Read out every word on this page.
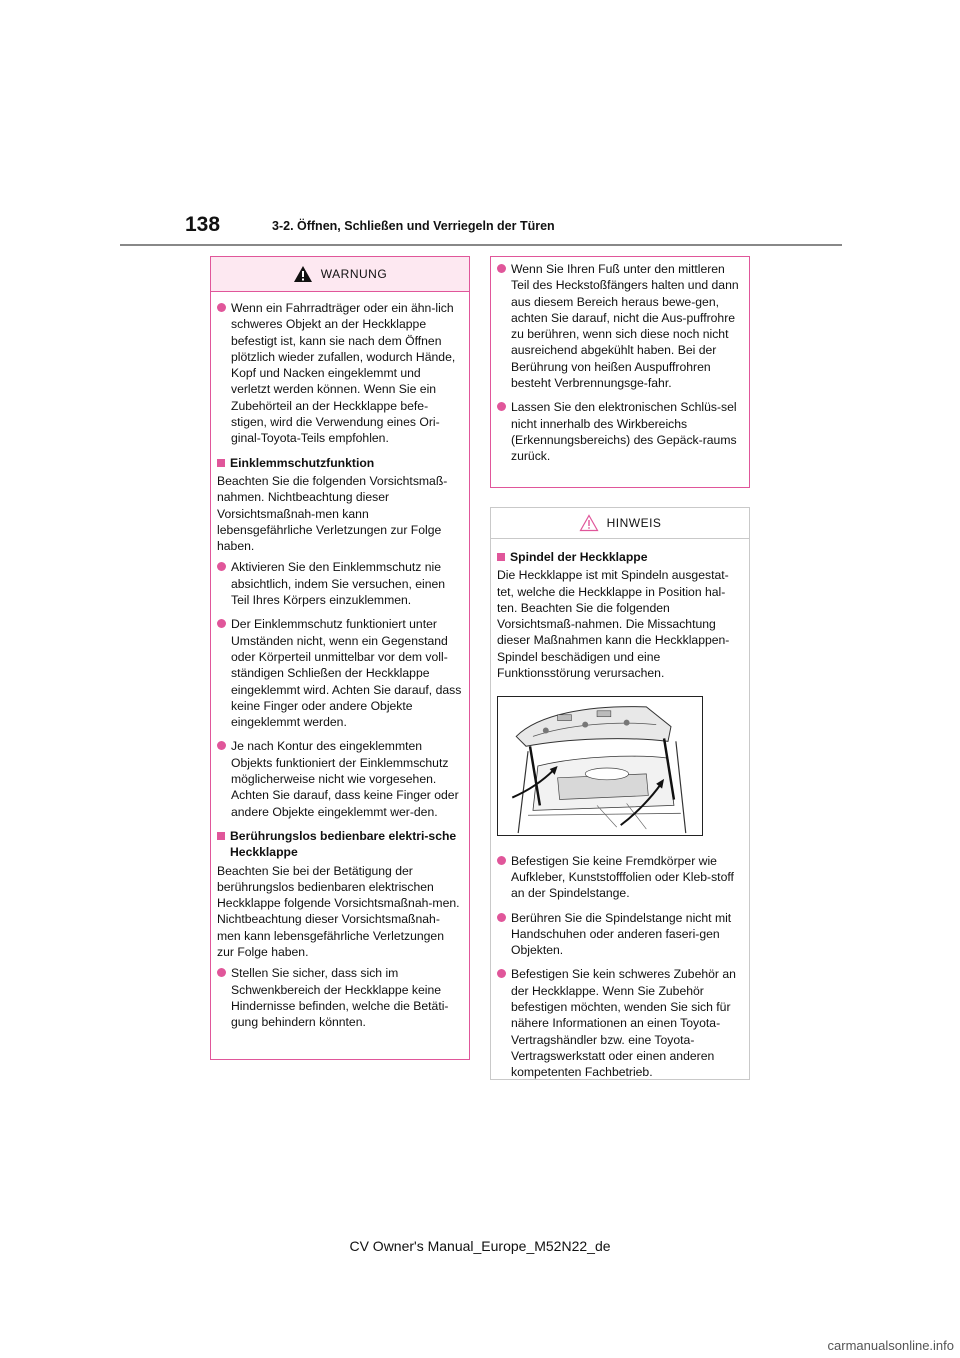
138	3-2. Öffnen, Schließen und Verriegeln der Türen
WARNUNG
Wenn ein Fahrradträger oder ein ähn-lich schweres Objekt an der Heckklappe befestigt ist, kann sie nach dem Öffnen plötzlich wieder zufallen, wodurch Hände, Kopf und Nacken eingeklemmt und verletzt werden können. Wenn Sie ein Zubehörteil an der Heckklappe befe-stigen, wird die Verwendung eines Ori-ginal-Toyota-Teils empfohlen.
Einklemmschutzfunktion
Beachten Sie die folgenden Vorsichtsmaß-nahmen. Nichtbeachtung dieser Vorsichtsmaßnah-men kann lebensgefährliche Verletzungen zur Folge haben.
Aktivieren Sie den Einklemmschutz nie absichtlich, indem Sie versuchen, einen Teil Ihres Körpers einzuklemmen.
Der Einklemmschutz funktioniert unter Umständen nicht, wenn ein Gegenstand oder Körperteil unmittelbar vor dem voll-ständigen Schließen der Heckklappe eingeklemmt wird. Achten Sie darauf, dass keine Finger oder andere Objekte eingeklemmt werden.
Je nach Kontur des eingeklemmten Objekts funktioniert der Einklemmschutz möglicherweise nicht wie vorgesehen. Achten Sie darauf, dass keine Finger oder andere Objekte eingeklemmt wer-den.
Berührungslos bedienbare elektri-sche Heckklappe
Beachten Sie bei der Betätigung der berührungslos bedienbaren elektrischen Heckklappe folgende Vorsichtsmaßnah-men. Nichtbeachtung dieser Vorsichtsmaßnah-men kann lebensgefährliche Verletzungen zur Folge haben.
Stellen Sie sicher, dass sich im Schwenkbereich der Heckklappe keine Hindernisse befinden, welche die Betäti-gung behindern könnten.
Wenn Sie Ihren Fuß unter den mittleren Teil des Heckstoßfängers halten und dann aus diesem Bereich heraus bewe-gen, achten Sie darauf, nicht die Aus-puffrohre zu berühren, wenn sich diese noch nicht ausreichend abgekühlt haben. Bei der Berührung von heißen Auspuffrohren besteht Verbrennungsge-fahr.
Lassen Sie den elektronischen Schlüs-sel nicht innerhalb des Wirkbereichs (Erkennungsbereichs) des Gepäck-raums zurück.
HINWEIS
Spindel der Heckklappe
Die Heckklappe ist mit Spindeln ausgestat-tet, welche die Heckklappe in Position hal-ten. Beachten Sie die folgenden Vorsichtsmaß-nahmen. Die Missachtung dieser Maßnahmen kann die Heckklappen-Spindel beschädigen und eine Funktionsstörung verursachen.
Befestigen Sie keine Fremdkörper wie Aufkleber, Kunststofffolien oder Kleb-stoff an der Spindelstange.
Berühren Sie die Spindelstange nicht mit Handschuhen oder anderen faseri-gen Objekten.
Befestigen Sie kein schweres Zubehör an der Heckklappe. Wenn Sie Zubehör befestigen möchten, wenden Sie sich für nähere Informationen an einen Toyota-Vertragshändler bzw. eine Toyota-Vertragswerkstatt oder einen anderen kompetenten Fachbetrieb.
CV Owner's Manual_Europe_M52N22_de
carmanualsonline.info
